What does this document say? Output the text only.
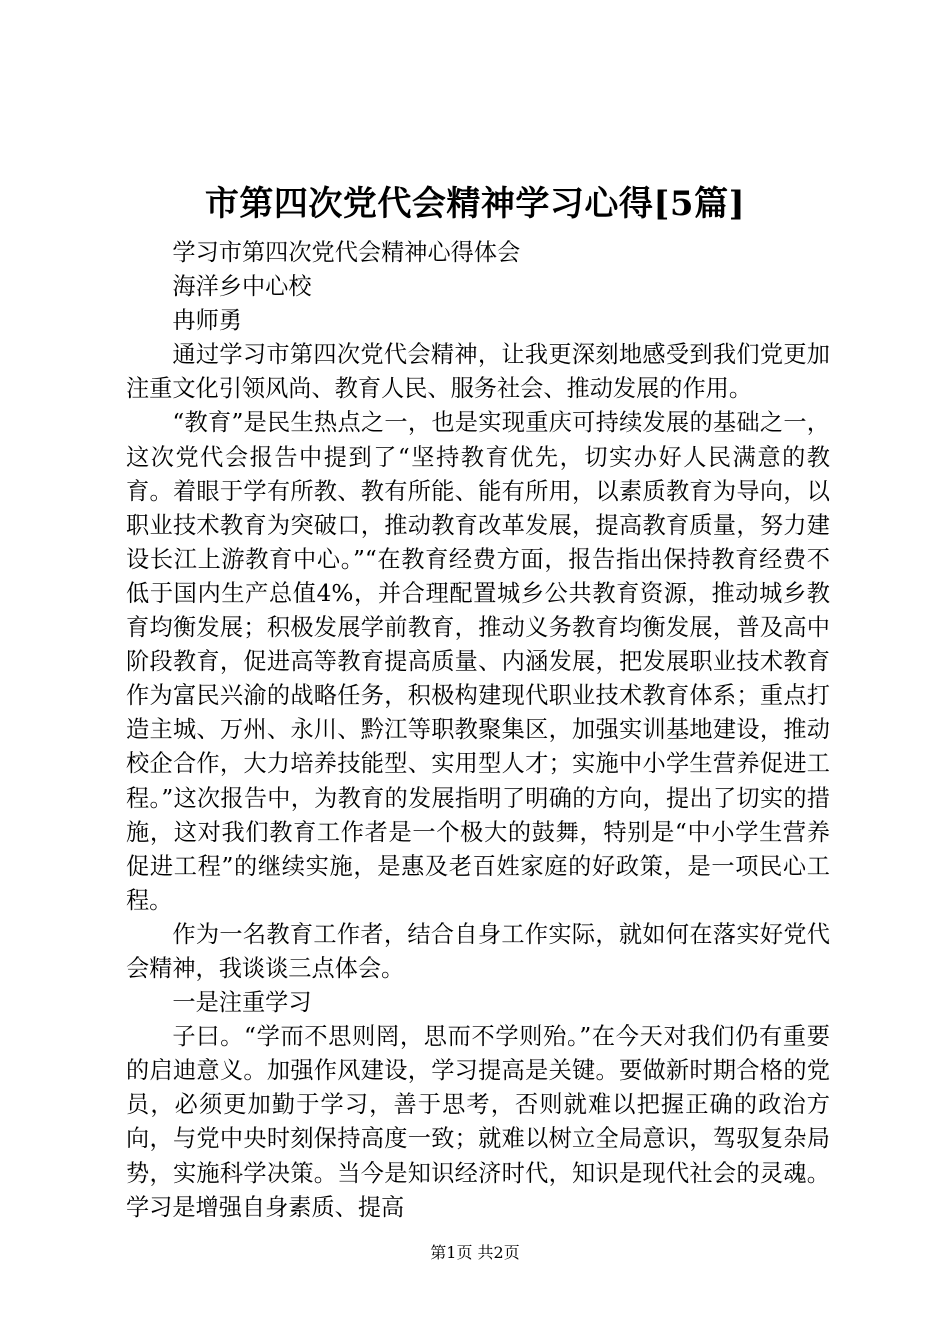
市第四次党代会精神学习心得[5篇]

学习市第四次党代会精神心得体会

海洋乡中心校

冉师勇

通过学习市第四次党代会精神，让我更深刻地感受到我们党更加注重文化引领风尚、教育人民、服务社会、推动发展的作用。

“教育”是民生热点之一，也是实现重庆可持续发展的基础之一，这次党代会报告中提到了“坚持教育优先，切实办好人民满意的教育。着眼于学有所教、教有所能、能有所用，以素质教育为导向，以职业技术教育为突破口，推动教育改革发展，提高教育质量，努力建设长江上游教育中心。”“在教育经费方面，报告指出保持教育经费不低于国内生产总值4%，并合理配置城乡公共教育资源，推动城乡教育均衡发展；积极发展学前教育，推动义务教育均衡发展，普及高中阶段教育，促进高等教育提高质量、内涵发展，把发展职业技术教育作为富民兴渝的战略任务，积极构建现代职业技术教育体系；重点打造主城、万州、永川、黔江等职教聚集区，加强实训基地建设，推动校企合作，大力培养技能型、实用型人才；实施中小学生营养促进工程。”这次报告中，为教育的发展指明了明确的方向，提出了切实的措施，这对我们教育工作者是一个极大的鼓舞，特别是“中小学生营养促进工程”的继续实施，是惠及老百姓家庭的好政策，是一项民心工程。

作为一名教育工作者，结合自身工作实际，就如何在落实好党代会精神，我谈谈三点体会。

一是注重学习

子曰。“学而不思则罔，思而不学则殆。”在今天对我们仍有重要的启迪意义。加强作风建设，学习提高是关键。要做新时期合格的党员，必须更加勤于学习，善于思考，否则就难以把握正确的政治方向，与党中央时刻保持高度一致；就难以树立全局意识，驾驭复杂局势，实施科学决策。当今是知识经济时代，知识是现代社会的灵魂。学习是增强自身素质、提高

第1页 共2页
